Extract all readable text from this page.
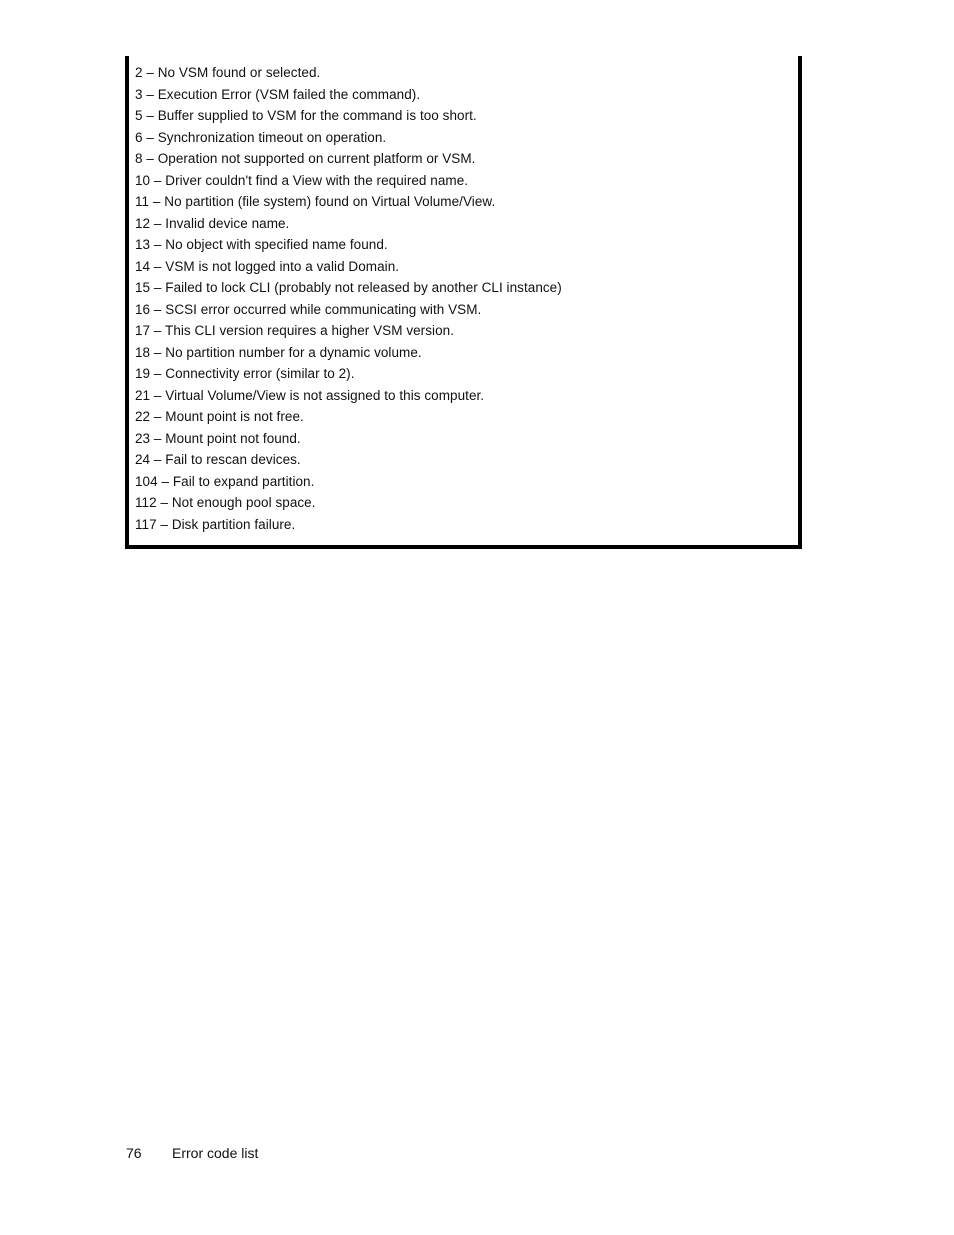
2 – No VSM found or selected.
3 – Execution Error (VSM failed the command).
5 – Buffer supplied to VSM for the command is too short.
6 – Synchronization timeout on operation.
8 – Operation not supported on current platform or VSM.
10 – Driver couldn't find a View with the required name.
11 – No partition (file system) found on Virtual Volume/View.
12 – Invalid device name.
13 – No object with specified name found.
14 – VSM is not logged into a valid Domain.
15 – Failed to lock CLI (probably not released by another CLI instance)
16 – SCSI error occurred while communicating with VSM.
17 – This CLI version requires a higher VSM version.
18 – No partition number for a dynamic volume.
19 – Connectivity error (similar to 2).
21 – Virtual Volume/View is not assigned to this computer.
22 – Mount point is not free.
23 – Mount point not found.
24 – Fail to rescan devices.
104 – Fail to expand partition.
112 – Not enough pool space.
117 – Disk partition failure.
76 Error code list
